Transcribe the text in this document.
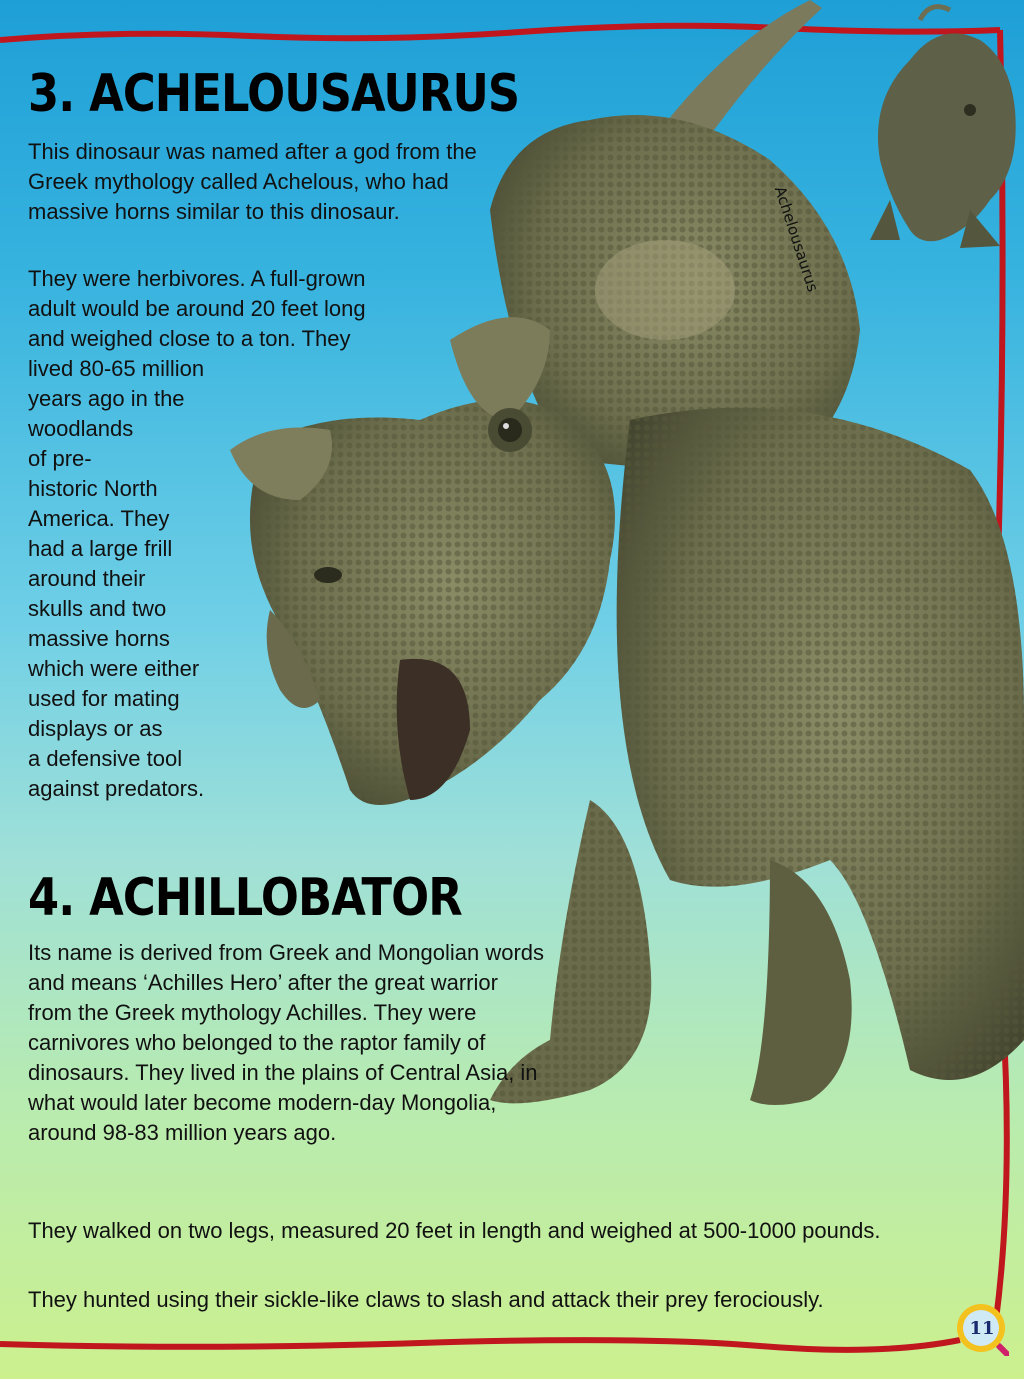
Achelousaurus
3. ACHELOUSAURUS

This dinosaur was named after a god from the Greek mythology called Achelous, who had massive horns similar to this dinosaur.

They were herbivores. A full-grown
adult would be around 20 feet long
and weighed close to a ton. They
lived 80-65 million
years ago in the
woodlands
of pre-
historic North
America. They
had a large frill
around their
skulls and two
massive horns
which were either
used for mating
displays or as
a defensive tool
against predators.

4. ACHILLOBATOR

Its name is derived from Greek and Mongolian words and means ‘Achilles Hero’ after the great warrior from the Greek mythology Achilles. They were carnivores who belonged to the raptor family of dinosaurs. They lived in the plains of Central Asia, in what would later become modern-day Mongolia, around 98-83 million years ago.

They walked on two legs, measured 20 feet in length and weighed at 500-1000 pounds.

They hunted using their sickle-like claws to slash and attack their prey ferociously.

11
